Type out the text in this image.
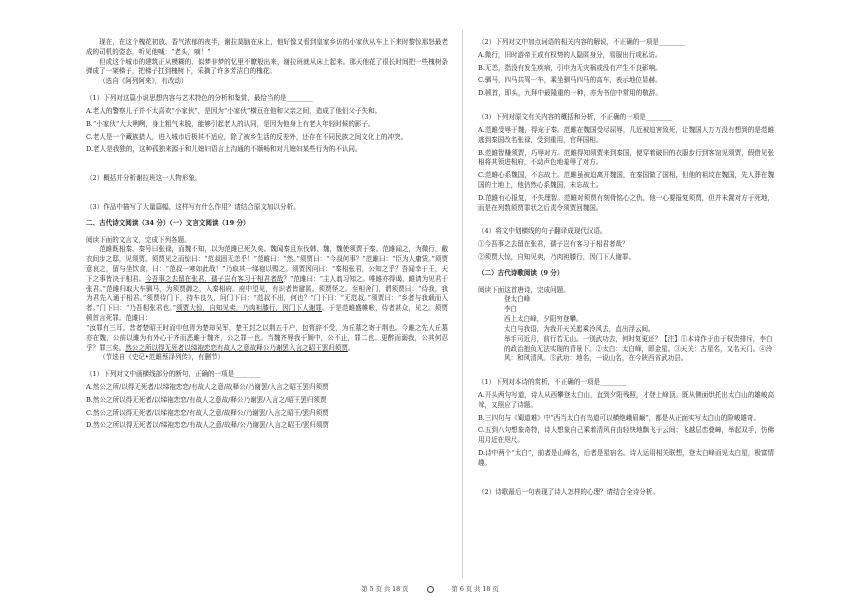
现在，在这个槐花初放、香气浓郁的夜半，谢拉莫脑在床上，他好像又看到皇家乡访的小家伙从车上下来时黎惊那怒最老成的司机的姿态，听见他喊：“老头，嘀！”

但或这个城市的建筑正从模糊的、似梦非梦的忆里不瞭般出来，谢拉班就从床上起来。那天他花了很长时间把一些槐树条弹成了一架梯子，把梯子扛到槐树下，采摘了许多芳洁白的槐花。

（选自《阿列阿来》，有改动）

（1）下列对这篇小说思想内容与艺术特色的分析和鉴赏，最恰当的是________

A.老人的警察儿子并不太喜欢“小家伙”，是因为“小家伙”横亘在他和父亲之间，造成了他们父子失和。

B.“小家伙”大大咧咧，身上粗气未脱，能够引起老人的认同，是因为他身上有老人年轻时候的影子。

C.老人是一个藏族猎人，进入城市后极其不适应，除了被乡生活的反差外，还存在不同民族之间文化上的冲突。

D.老人是我独的，这种孤独来源于和儿媳妇语言上沟通的不顺畅和对儿媳妇某些行为的不认同。

（2）概括并分析谢拉班这一人物形象。

（3）作品中描写了大量篇幅，这样写有什么作用？请结合原文加以分析。

二、古代诗文阅读（34 分）（一）文言文阅读（19 分）

阅读下面的文言文，完成下列各题。

范雎既相秦，秦号曰张禄，而魏不知，以为范雎已死久矣。魏闻秦且东伐韩、魏，魏使须贾于秦。范雎闻之，为微行，敝衣间步之邸，见须贾。须贾见之而惊曰：“范叔固无恙乎！”范雎曰：“然。”须贾曰：“今叔何事？”范雎曰：“臣为人庸赁。”须贾意哀之，留与坐饮食，曰：“范叔一寒如此哉！”乃取其一绨袍以赐之。须贾因问曰：“秦相张君，公知之乎？吾闻幸于王，天下之事皆决于相君。今吾事之去留在张君，孺子岂有客习于相君者哉？”范雎曰：“主人翁习知之。唯雎亦得谒，雎请为见君于张君。”范雎归取大车驷马，为须贾御之，入秦相府。府中望见，有识者皆避匿。须贾怪之。至相舍门，谓须贾曰：“待我，我为君先入通于相君。”须贾待门下，持车良久，问门下曰：“范叔不出，何也？”门下曰：“无范叔。”须贾曰：“乡者与我载而入者。”门下曰：“乃吾相张君也。”须贾大惊，自知见卖，乃肉袒膝行，因门下人谢罪。于是范雎盛帷帐，侍者甚众，见之。须贾顿首言死罪。范雎曰：

“汝罪有三耳。昔者楚昭王时而申包胥为楚却吴军，楚王封之以荆五千户，包胥辞不受，为丘墓之寄于荆也。今雎之先人丘墓亦在魏，公前以雎为有外心于齐而恶雎于魏齐，公之罪一也。当魏齐辱我于厕中，公不止，罪二也。更醉而溺我，公其何忍乎？罪三矣。然公之所以得无死者以绨袍恋恋有故人之意故释公乃谢罢入言之昭王罢归须贾。

（节选自《史记•范雎蔡泽列传》，有删节）

（1）下列对文中画横线部分的断句，正确的一项是________

A.然公之所/以得无死者/以绨袍恋恋/有故人之意/故释公/乃谢罢/入言之昭王罢归须贾

B.然公之所以得无死者/以绨袍恋恋/有故人之意故/释公乃谢罢/入言之/昭王罢归须贾

C.然公之所以得无死者/以绨袍恋恋/有故人之意/故释公/乃谢罢/入言之昭王/罢归须贾

D.然公之所以得无死者以/绨袍恋恋/有故人之意/故释/公乃谢罢/入言之昭王/罢归须贾

（2）下列对文中加点词语的相关内容的解说，不正确的一项是________

A.微行，旧时游帝王或有权势的人隐匿身分，易服出行或私访。

B.无恙，指没有发生疾病，引申为无灾祸或没有产生不良影响。

C.驷马，四马共驾一车，乘坐驷马四马的高车，表示地位显赫。

D.顿首，即头，九拜中最隆重的一种，亦为书信中常用的敬辞。

（3）下列对原文有关内容的概括和分析，不正确的一项是________

A.范雎受辱于魏，得宠于秦。范雎在魏国受尽屈辱，几近被迫害致死，让魏国人万万没有想到的是范雎逃到秦国改名张禄，受到重用，官拜国相。

B.范雎智赚须贾，巧辱对方。范雎得知须贾来到秦国，便穿着破旧的衣服步行到客馆见须贾，假借见张相将其领进相府，不动声色地羞辱了对方。

C.范雎心系魏国，不忘故土。范雎虽被迫离开魏国，在秦国做了国相，但他的祖坟在魏国，先人葬在魏国的土地上，他仍然心系魏国，未忘故土。

D.范雎有心报复，不失理智。范雎对须贾有刻骨铭心之仇，他一心要报复须贾，但并未置对方于死地，而是在列数须贾罪状之后责令须贾回魏国。

（4）将文中划横线的句子翻译成现代汉语。

①今吾事之去留在张君，孺子岂有客习于相君者哉？

②须贾大惊，自知见卖，乃肉袒膝行，因门下人谢罪。

（二）古代诗歌阅读（9 分）

阅读下面这首唐诗，完成问题。

登太白峰

李白

西上太白峰，夕阳穷登攀。

太白与我语，为我开天关愿乘泠风去，直出浮云间。

举手可近月，前行若无山。一别武功去，何时复更还？【注】①本诗作于由于权贵排斥，李白的政治抱负无法实现的背景下。②太白：太白峰，即金星。③天关：古星名，又名天门。④泠风：和风清风。⑤武功：地名，一说山名，在今陕西省武功县。

（1）下列对本诗的赏析，不正确的一项是________

A.开头两句写道，诗人从西攀登太白山，直到夕阳残照，才登上峰顶。既从侧面烘托出太白山的雄峻高耸，又照应了诗题。

B.三四句与《蜀道难》中“西当太白有鸟道可以横绝峨眉巅”，都是从正面实写太白山的险峻雄奇。

C.五到八句想象奇特，诗人想象自己乘着清风自由轻快地飘飞于云间；飞越层峦叠嶂，举起双手，仿佛用月近在咫尺。

D.诗中两个“太白”，前者是山峰名，后者是星宿名。诗人运用相关联想，登太白峰而见太白星，极富情趣。

（2）诗歌最后一句表现了诗人怎样的心理？请结合全诗分析。

第 5 页 共 18 页	第 6 页 共 18 页
